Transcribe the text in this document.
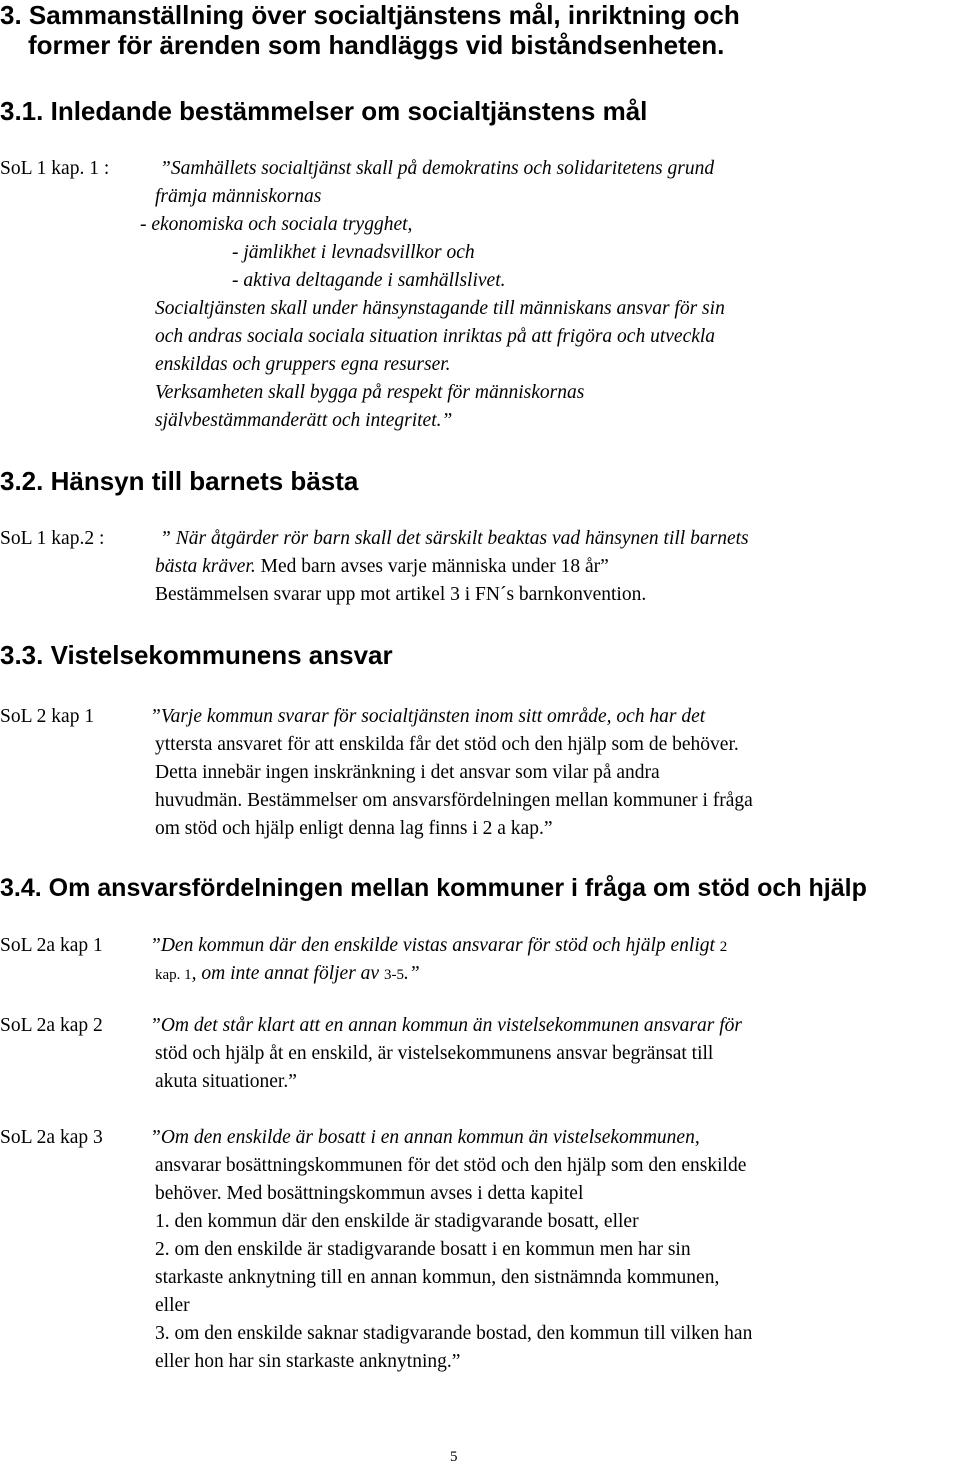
3. Sammanställning över socialtjänstens mål, inriktning och
former för ärenden som handläggs vid biståndsenheten.
3.1. Inledande bestämmelser om socialtjänstens mål
SoL 1 kap. 1 :	”Samhällets socialtjänst skall på demokratins och solidaritetens grund
främja människornas
- ekonomiska och sociala trygghet,
- jämlikhet i levnadsvillkor och
- aktiva deltagande i samhällslivet.
Socialtjänsten skall under hänsynstagande till människans ansvar för sin
och andras sociala sociala situation inriktas på att frigöra och utveckla
enskildas och gruppers egna resurser.
Verksamheten skall bygga på respekt för människornas
självbestämmanderätt och integritet.”
3.2. Hänsyn till barnets bästa
SoL 1 kap.2 :	” När åtgärder rör barn skall det särskilt beaktas vad hänsynen till barnets
bästa kräver. Med barn avses varje människa under 18 år”
Bestämmelsen svarar upp mot artikel 3 i FN´s barnkonvention.
3.3. Vistelsekommunens ansvar
SoL 2 kap 1	”Varje kommun svarar för socialtjänsten inom sitt område, och har det
yttersta ansvaret för att enskilda får det stöd och den hjälp som de behöver.
Detta innebär ingen inskränkning i det ansvar som vilar på andra
huvudmän. Bestämmelser om ansvarsfördelningen mellan kommuner i fråga
om stöd och hjälp enligt denna lag finns i 2 a kap.”
3.4. Om ansvarsfördelningen mellan kommuner i fråga om stöd och hjälp
SoL 2a kap 1 ”Den kommun där den enskilde vistas ansvarar för stöd och hjälp enligt 2
kap. 1, om inte annat följer av 3-5.”
SoL 2a kap 2 ”Om det står klart att en annan kommun än vistelsekommunen ansvarar för
stöd och hjälp åt en enskild, är vistelsekommunens ansvar begränsat till
akuta situationer.”
SoL 2a kap 3 ”Om den enskilde är bosatt i en annan kommun än vistelsekommunen,
ansvarar bosättningskommunen för det stöd och den hjälp som den enskilde
behöver. Med bosättningskommun avses i detta kapitel
1. den kommun där den enskilde är stadigvarande bosatt, eller
2. om den enskilde är stadigvarande bosatt i en kommun men har sin
starkaste anknytning till en annan kommun, den sistnämnda kommunen,
eller
3. om den enskilde saknar stadigvarande bostad, den kommun till vilken han
eller hon har sin starkaste anknytning.”
5
